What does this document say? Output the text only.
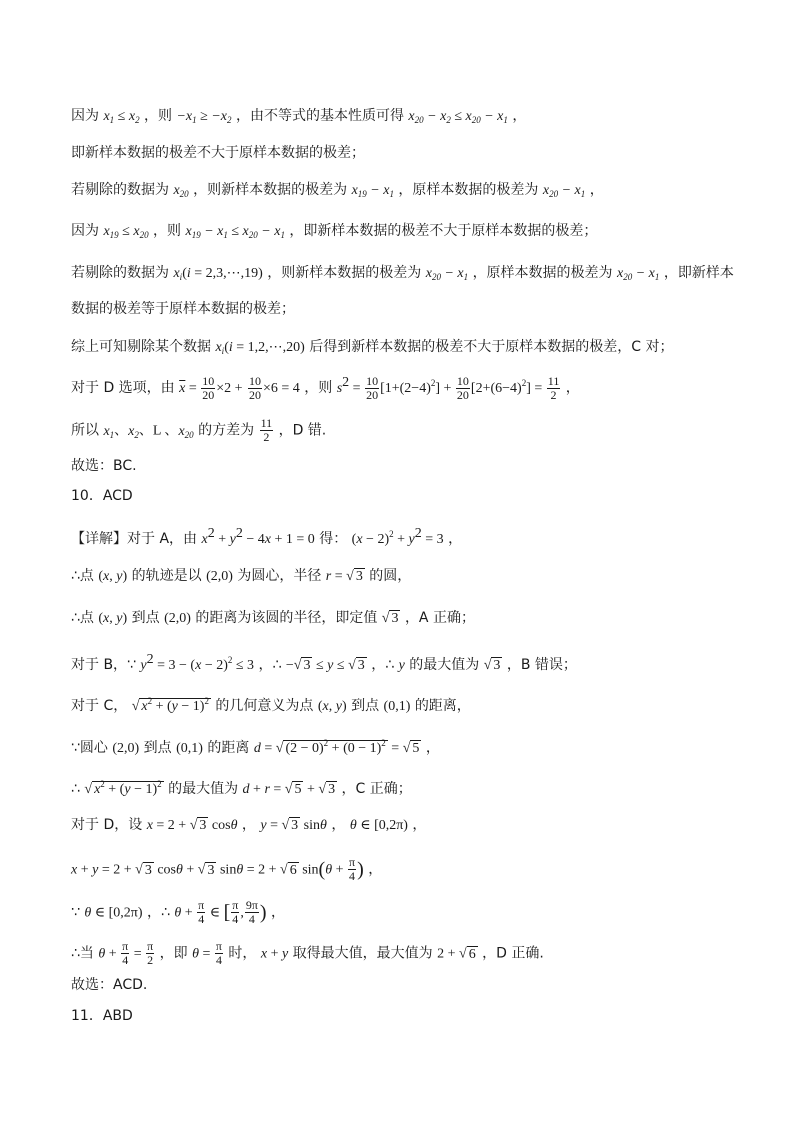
因为 $x_1 \le x_2$ ，则 $-x_1 \ge -x_2$ ，由不等式的基本性质可得 $x_{20} - x_2 \le x_{20} - x_1$ ，
即新样本数据的极差不大于原样本数据的极差；
若剔除的数据为 $x_{20}$ ，则新样本数据的极差为 $x_{19} - x_1$ ，原样本数据的极差为 $x_{20} - x_1$ ，
因为 $x_{19} \le x_{20}$ ，则 $x_{19} - x_1 \le x_{20} - x_1$ ，即新样本数据的极差不大于原样本数据的极差；
若剔除的数据为 $x_i(i$ = 2,3,⋯,19) ，则新样本数据的极差为 $x_{20} - x_1$ ，原样本数据的极差为 $x_{20} - x_1$ ，即新样本
数据的极差等于原样本数据的极差；
综上可知剔除某个数据 $x_i(i$ = 1,2,⋯,20) 后得到新样本数据的极差不大于原样本数据的极差，C 对；
对于 D 选项，由 $\overline{x} = \frac{10}{20} \times 2 + \frac{10}{20} \times 6 = 4$ ，则 $s^2 = \frac{10}{20} [1+(2-4)^2] + \frac{10}{20} [2+(6-4)^2] = \frac{11}{2}$ ，
所以 $x_1$、$x_2$、L 、$x_{20}$ 的方差为 $\frac{11}{2}$ ，D 错.
故选：BC.
10．ACD
【详解】对于 A，由 $x^2 + y^2 - 4x + 1 = 0$ 得： $(x - 2)^2 + y^2 = 3$ ，
∴点 (x, y) 的轨迹是以 (2,0) 为圆心，半径 r = √ 3 的圆，
∴点 (x, y) 到点 (2,0) 的距离为该圆的半径，即定值 √ 3 ，A 正确；
对于 B，∵ $y^2 = 3 - (x - 2)^2 \le 3$ ，∴ −√ 3 ≤ y ≤ √ 3 ，∴ y 的最大值为 √ 3 ，B 错误；
对于 C， √ $x^2 + (y - 1)^2$ 的几何意义为点 (x, y) 到点 (0,1) 的距离，
∵圆心 (2,0) 到点 (0,1) 的距离 d = √ $(2 - 0)^2 + (0 - 1)^2$ = √ 5 ，
∴ √ $x^2 + (y - 1)^2$ 的最大值为 d + r = √ 5 + √ 3 ，C 正确；
对于 D，设 x = 2 + √ 3 cosθ ， y = √ 3 sinθ ， θ ∈ [0,2π) ，
x + y = 2 + √ 3 cosθ + √ 3 sinθ = 2 + √ 6 $\sin(\theta + \frac{\pi}{4}$ ) ，
∵ θ ∈ [0,2π) ，∴ $\theta + \frac{\pi}{4}$ ∈ [ $\frac{\pi}{4}$ , $\frac{9\pi}{4}$ ) ，
∴当 $\theta + \frac{\pi}{4} = \frac{\pi}{2}$ ，即 $\theta = \frac{\pi}{4}$ 时， x + y 取得最大值，最大值为 2 + √ 6 ，D 正确.
故选：ACD.
11．ABD
